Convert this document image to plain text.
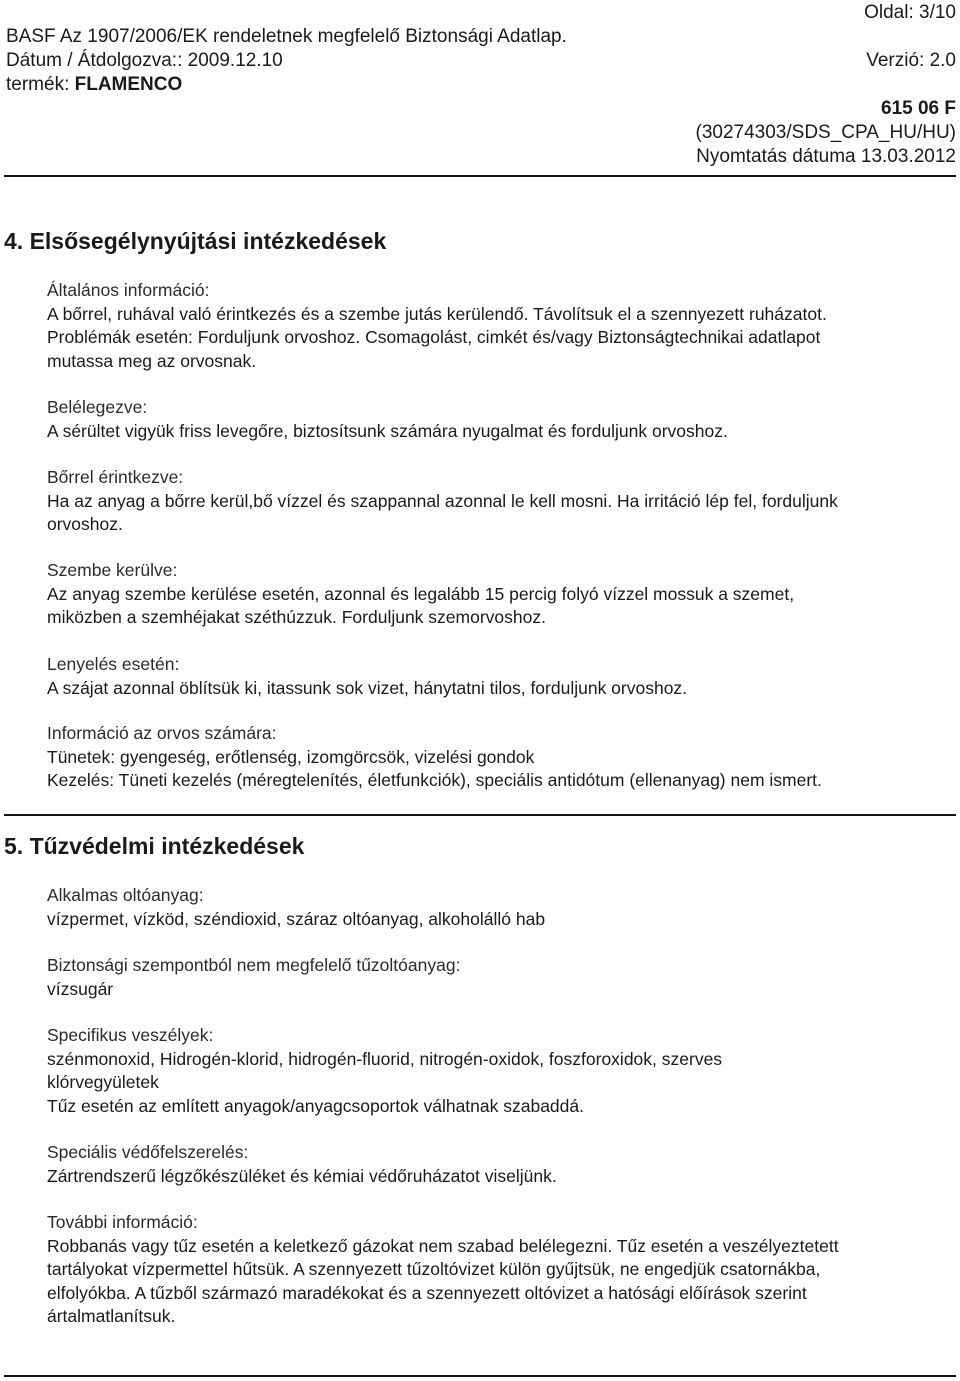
Oldal: 3/10
BASF Az 1907/2006/EK rendeletnek megfelelő Biztonsági Adatlap.
Dátum / Átdolgozva:: 2009.12.10	Verzió: 2.0
termék: FLAMENCO
615 06 F
(30274303/SDS_CPA_HU/HU)
Nyomtatás dátuma 13.03.2012
4. Elsősegélynyújtási intézkedések

Általános információ:

A bőrrel, ruhával való érintkezés és a szembe jutás kerülendő. Távolítsuk el a szennyezett ruházatot.

Problémák esetén: Forduljunk orvoshoz. Csomagolást, cimkét és/vagy Biztonságtechnikai adatlapot

mutassa meg az orvosnak.

Belélegezve:

A sérültet vigyük friss levegőre, biztosítsunk számára nyugalmat és forduljunk orvoshoz.

Bőrrel érintkezve:

Ha az anyag a bőrre kerül,bő vízzel és szappannal azonnal le kell mosni. Ha irritáció lép fel, forduljunk

orvoshoz.

Szembe kerülve:

Az anyag szembe kerülése esetén, azonnal és legalább 15 percig folyó vízzel mossuk a szemet,

miközben a szemhéjakat széthúzzuk. Forduljunk szemorvoshoz.

Lenyelés esetén:

A szájat azonnal öblítsük ki, itassunk sok vizet, hánytatni tilos, forduljunk orvoshoz.

Információ az orvos számára:

Tünetek: gyengeség, erőtlenség, izomgörcsök, vizelési gondok

Kezelés: Tüneti kezelés (méregtelenítés, életfunkciók), speciális antidótum (ellenanyag) nem ismert.

5. Tűzvédelmi intézkedések

Alkalmas oltóanyag:

vízpermet, vízköd, széndioxid, száraz oltóanyag, alkoholálló hab

Biztonsági szempontból nem megfelelő tűzoltóanyag:

vízsugár

Specifikus veszélyek:

szénmonoxid, Hidrogén-klorid, hidrogén-fluorid, nitrogén-oxidok, foszforoxidok, szerves

klórvegyületek

Tűz esetén az említett anyagok/anyagcsoportok válhatnak szabaddá.

Speciális védőfelszerelés:

Zártrendszerű légzőkészüléket és kémiai védőruházatot viseljünk.

További információ:

Robbanás vagy tűz esetén a keletkező gázokat nem szabad belélegezni. Tűz esetén a veszélyeztetett

tartályokat vízpermettel hűtsük. A szennyezett tűzoltóvizet külön gyűjtsük, ne engedjük csatornákba,

elfolyókba. A tűzből származó maradékokat és a szennyezett oltóvizet a hatósági előírások szerint

ártalmatlanítsuk.
